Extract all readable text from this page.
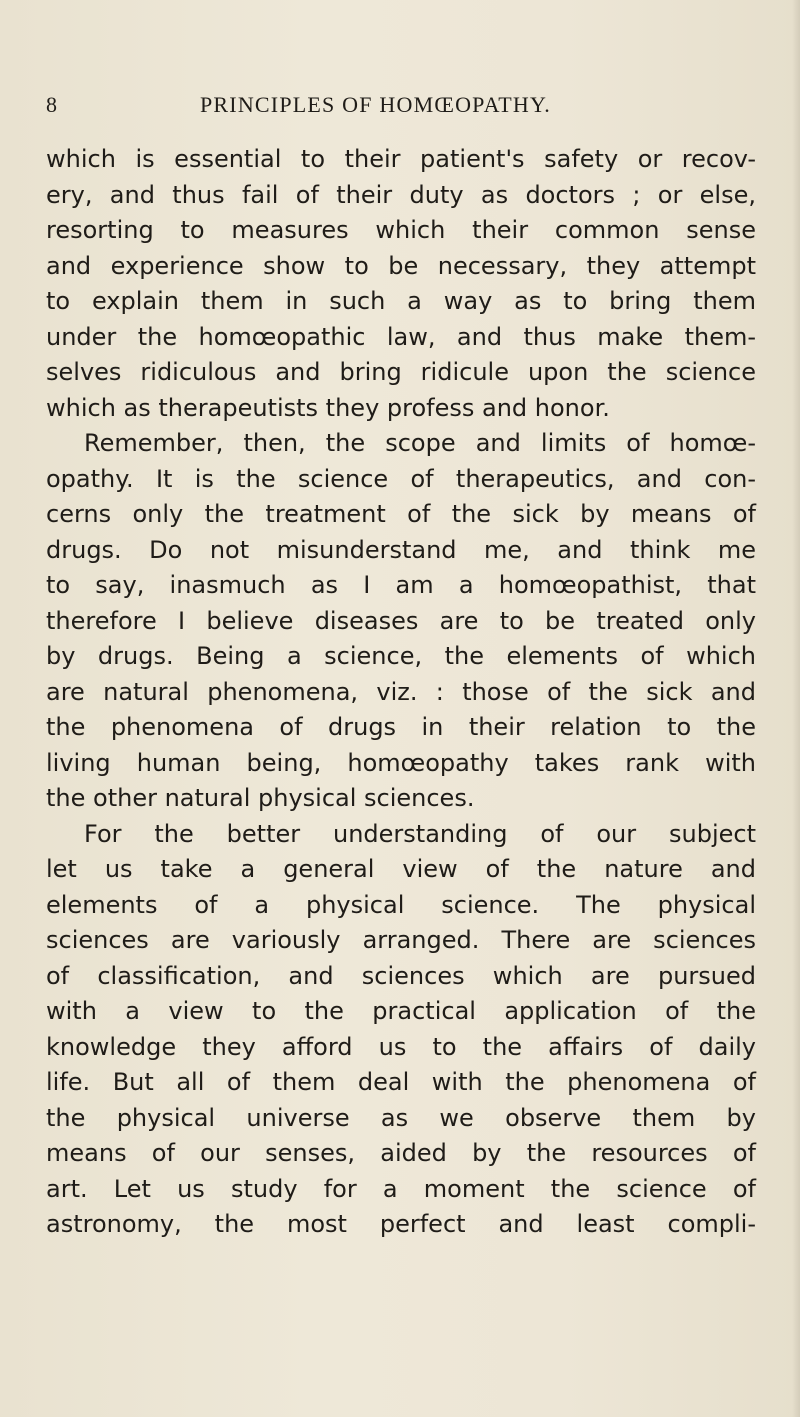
8	PRINCIPLES OF HOMŒOPATHY.
which is essential to their patient's safety or recov-
ery, and thus fail of their duty as doctors ; or else,
resorting to measures which their common sense
and experience show to be necessary, they attempt
to explain them in such a way as to bring them
under the homœopathic law, and thus make them-
selves ridiculous and bring ridicule upon the science
which as therapeutists they profess and honor.
Remember, then, the scope and limits of homœ-
opathy. It is the science of therapeutics, and con-
cerns only the treatment of the sick by means of
drugs. Do not misunderstand me, and think me
to say, inasmuch as I am a homœopathist, that
therefore I believe diseases are to be treated only
by drugs. Being a science, the elements of which
are natural phenomena, viz. : those of the sick and
the phenomena of drugs in their relation to the
living human being, homœopathy takes rank with
the other natural physical sciences.
For the better understanding of our subject
let us take a general view of the nature and
elements of a physical science. The physical
sciences are variously arranged. There are sciences
of classification, and sciences which are pursued
with a view to the practical application of the
knowledge they afford us to the affairs of daily
life. But all of them deal with the phenomena of
the physical universe as we observe them by
means of our senses, aided by the resources of
art. Let us study for a moment the science of
astronomy, the most perfect and least compli-
